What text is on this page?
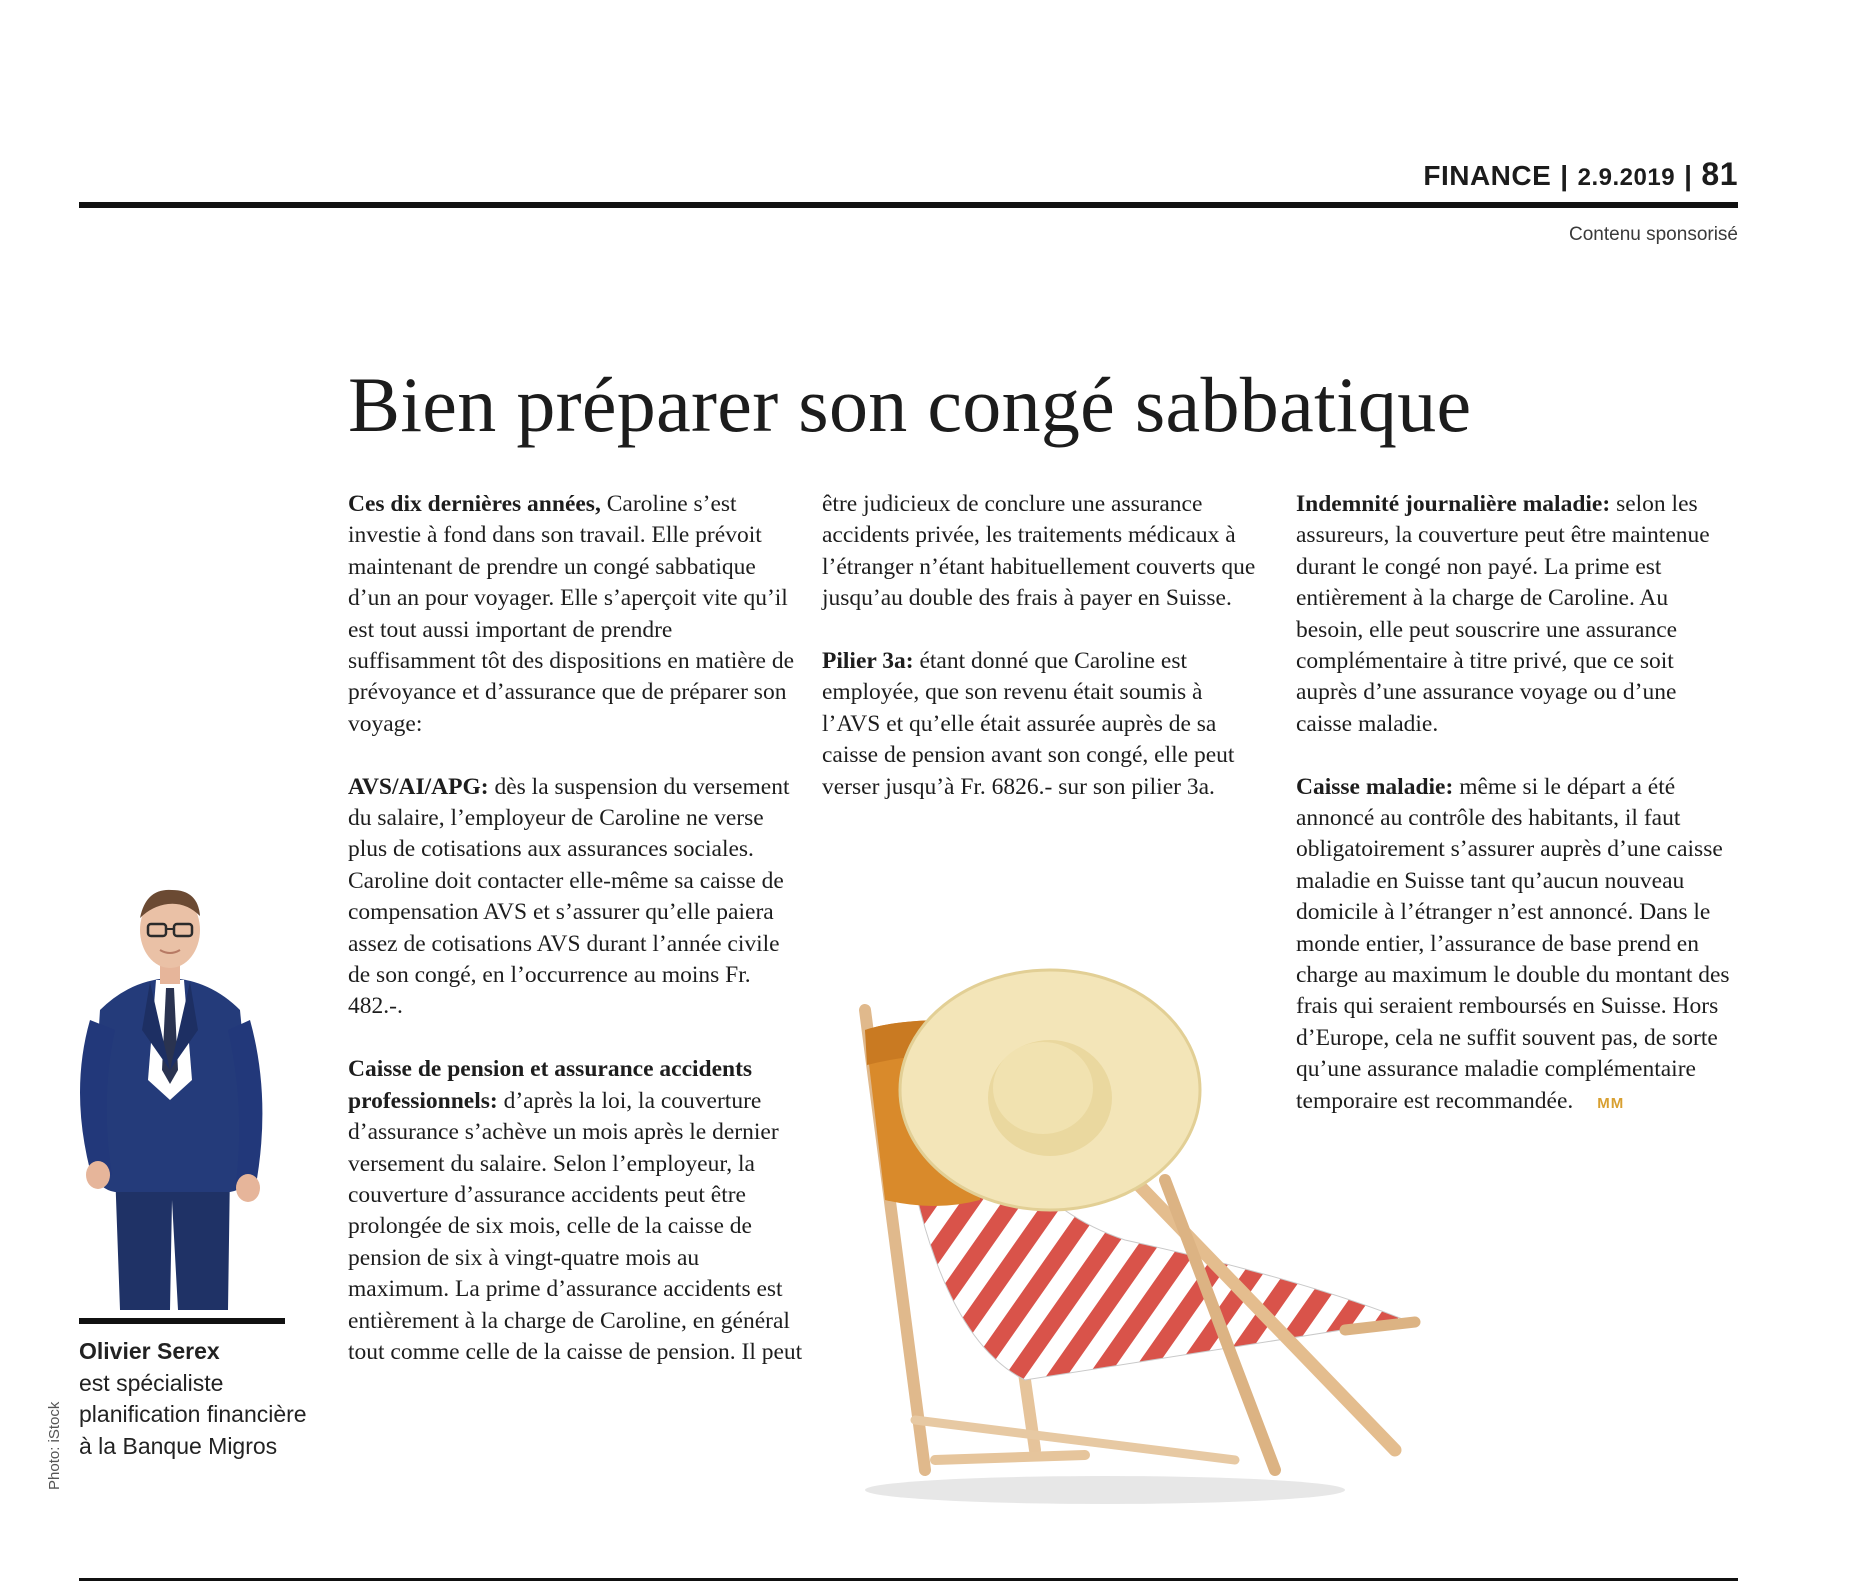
FINANCE | 2.9.2019 | 81
Contenu sponsorisé
Bien préparer son congé sabbatique

Ces dix dernières années, Caroline s’est investie à fond dans son travail. Elle prévoit maintenant de prendre un congé sabbatique d’un an pour voyager. Elle s’aperçoit vite qu’il est tout aussi important de prendre suffisamment tôt des dispositions en matière de prévoyance et d’assurance que de préparer son voyage:

AVS/AI/APG: dès la suspension du versement du salaire, l’employeur de Caroline ne verse plus de cotisations aux assurances sociales. Caroline doit contacter elle-même sa caisse de compensation AVS et s’assurer qu’elle paiera assez de cotisations AVS durant l’année civile de son congé, en l’occurrence au moins Fr. 482.-.

Caisse de pension et assurance accidents professionnels: d’après la loi, la couverture d’assurance s’achève un mois après le dernier versement du salaire. Selon l’employeur, la couverture d’assurance accidents peut être prolongée de six mois, celle de la caisse de pension de six à vingt-quatre mois au maximum. La prime d’assurance accidents est entièrement à la charge de Caroline, en général tout comme celle de la caisse de pension. Il peut

être judicieux de conclure une assurance accidents privée, les traitements médicaux à l’étranger n’étant habituellement couverts que jusqu’au double des frais à payer en Suisse.

Pilier 3a: étant donné que Caroline est employée, que son revenu était soumis à l’AVS et qu’elle était assurée auprès de sa caisse de pension avant son congé, elle peut verser jusqu’à Fr. 6826.- sur son pilier 3a.

Indemnité journalière maladie: selon les assureurs, la couverture peut être maintenue durant le congé non payé. La prime est entièrement à la charge de Caroline. Au besoin, elle peut souscrire une assurance complémentaire à titre privé, que ce soit auprès d’une assurance voyage ou d’une caisse maladie.

Caisse maladie: même si le départ a été annoncé au contrôle des habitants, il faut obligatoirement s’assurer auprès d’une caisse maladie en Suisse tant qu’aucun nouveau domicile à l’étranger n’est annoncé. Dans le monde entier, l’assurance de base prend en charge au maximum le double du montant des frais qui seraient remboursés en Suisse. Hors d’Europe, cela ne suffit souvent pas, de sorte qu’une assurance maladie complémentaire temporaire est recommandée. MM

Olivier Serex
est spécialiste planification financière à la Banque Migros
Photo: iStock
